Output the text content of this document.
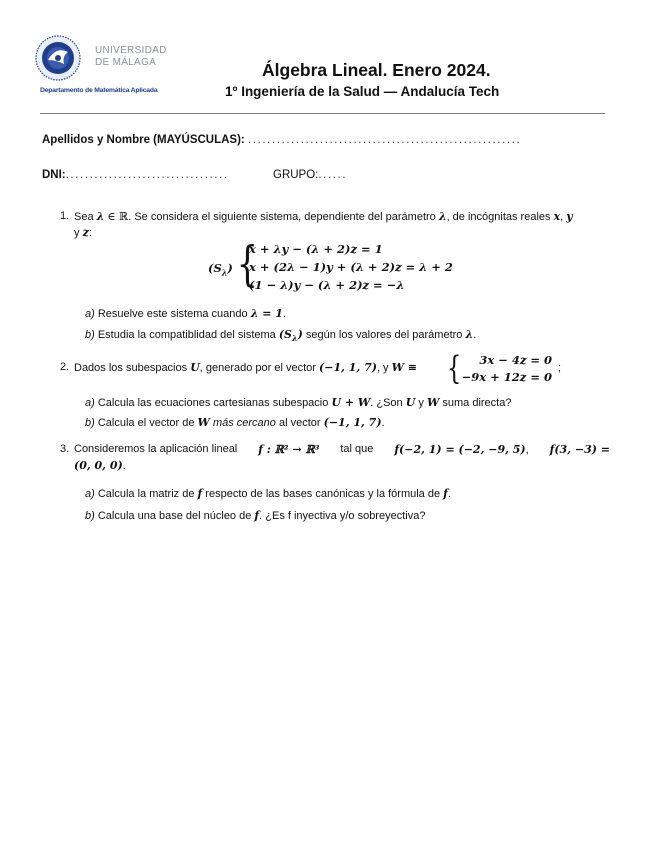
UNIVERSIDAD
DE MÁLAGA
Departamento de Matemática Aplicada
Álgebra Lineal. Enero 2024.
1º Ingeniería de la Salud — Andalucía Tech
Apellidos y Nombre (MAYÚSCULAS): .........................................................
DNI:..................................	GRUPO:......
1. Sea λ ∈ ℝ. Se considera el siguiente sistema, dependiente del parámetro λ, de incógnitas reales x, y
y z:
$(S_\lambda)$ {
x + λy − (λ + 2)z = 1
x + (2λ − 1)y + (λ + 2)z = λ + 2
(1 − λ)y − (λ + 2)z = −λ
a) Resuelve este sistema cuando λ = 1.
b) Estudia la compatiblidad del sistema $(S_\lambda)$ según los valores del parámetro λ.
2. Dados los subespacios U, generado por el vector (−1, 1, 7), y W ≡ {	3x − 4z = 0
−9x + 12z = 0
;
a) Calcula las ecuaciones cartesianas subespacio U + W. ¿Son U y W suma directa?
b) Calcula el vector de W más cercano al vector (−1, 1, 7).
3. Consideremos la aplicación lineal f : ℝ² → ℝ³ tal que f(−2, 1) = (−2, −9, 5), f(3, −3) =
(0, 0, 0).
a) Calcula la matriz de f respecto de las bases canónicas y la fórmula de f.
b) Calcula una base del núcleo de f. ¿Es f inyectiva y/o sobreyectiva?
